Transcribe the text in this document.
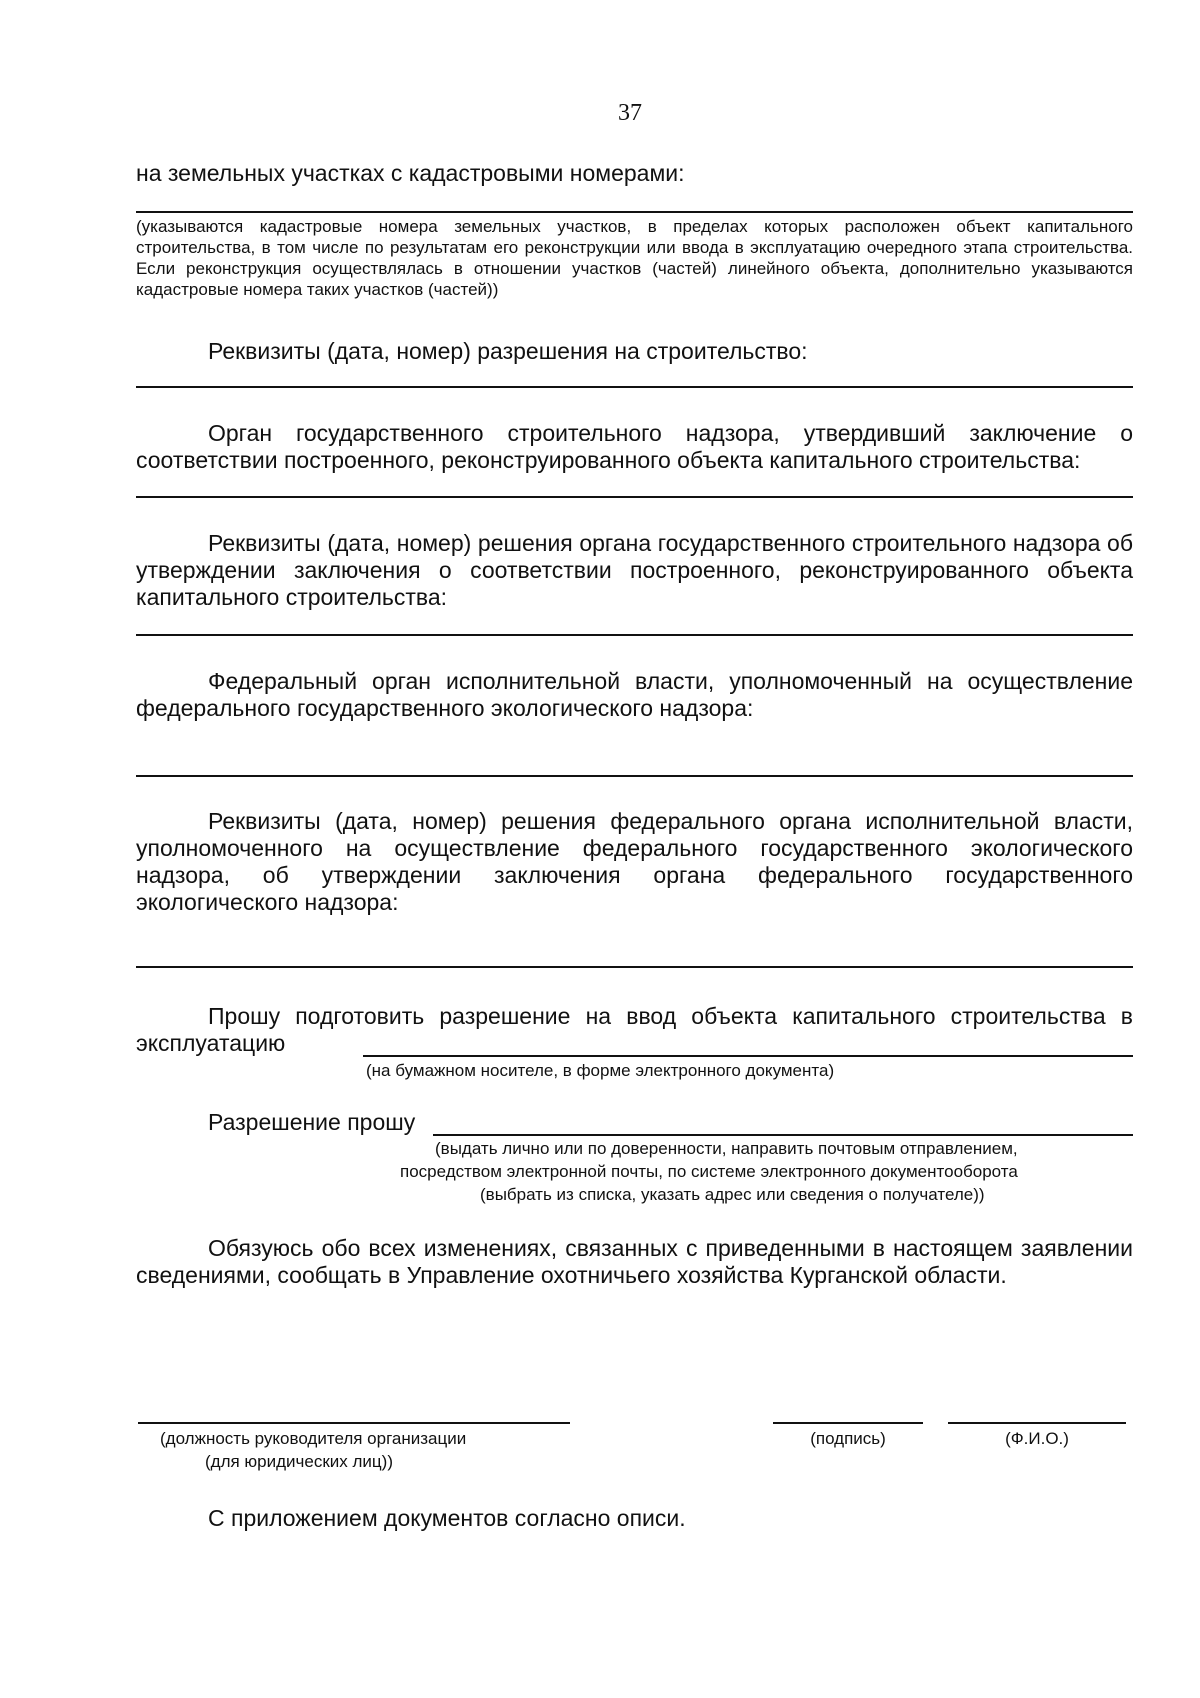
37
на земельных участках с кадастровыми номерами:
(указываются кадастровые номера земельных участков, в пределах которых расположен объект капитального строительства, в том числе по результатам его реконструкции или ввода в эксплуатацию очередного этапа строительства. Если реконструкция осуществлялась в отношении участков (частей) линейного объекта, дополнительно указываются кадастровые номера таких участков (частей))
Реквизиты (дата, номер) разрешения на строительство:
Орган государственного строительного надзора, утвердивший заключение о соответствии построенного, реконструированного объекта капитального строительства:
Реквизиты (дата, номер) решения органа государственного строительного надзора об утверждении заключения о соответствии построенного, реконструированного объекта капитального строительства:
Федеральный орган исполнительной власти, уполномоченный на осуществление федерального государственного экологического надзора:
Реквизиты (дата, номер) решения федерального органа исполнительной власти, уполномоченного на осуществление федерального государственного экологического надзора, об утверждении заключения органа федерального государственного экологического надзора:
Прошу подготовить разрешение на ввод объекта капитального строительства в
эксплуатацию
(на бумажном носителе, в форме электронного документа)
Разрешение прошу
(выдать лично или по доверенности, направить почтовым отправлением,
посредством электронной почты, по системе электронного документооборота
(выбрать из списка, указать адрес или сведения о получателе))
Обязуюсь обо всех изменениях, связанных с приведенными в настоящем заявлении сведениями, сообщать в Управление охотничьего хозяйства Курганской области.
(должность руководителя организации
(для юридических лиц))
(подпись)	(Ф.И.О.)
С приложением документов согласно описи.
